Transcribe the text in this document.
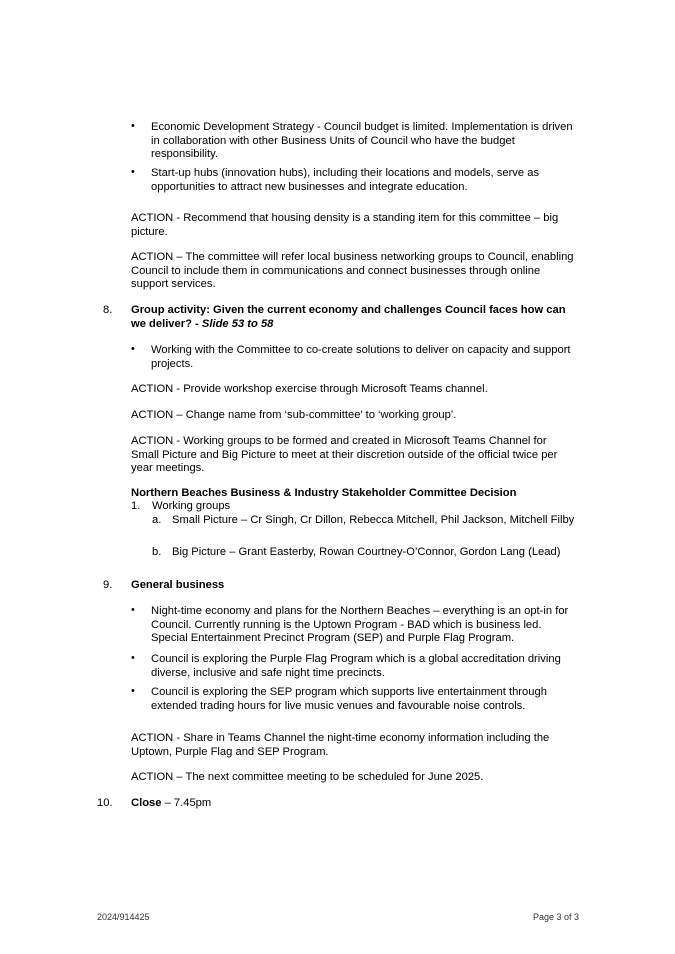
• Economic Development Strategy - Council budget is limited. Implementation is driven in collaboration with other Business Units of Council who have the budget responsibility.

• Start-up hubs (innovation hubs), including their locations and models, serve as opportunities to attract new businesses and integrate education.

ACTION - Recommend that housing density is a standing item for this committee – big picture.

ACTION – The committee will refer local business networking groups to Council, enabling Council to include them in communications and connect businesses through online support services.

8. Group activity: Given the current economy and challenges Council faces how can we deliver? - Slide 53 to 58

• Working with the Committee to co-create solutions to deliver on capacity and support projects.

ACTION - Provide workshop exercise through Microsoft Teams channel.

ACTION – Change name from ‘sub-committee’ to ‘working group’.

ACTION - Working groups to be formed and created in Microsoft Teams Channel for Small Picture and Big Picture to meet at their discretion outside of the official twice per year meetings.

Northern Beaches Business & Industry Stakeholder Committee Decision

1. Working groups

a. Small Picture – Cr Singh, Cr Dillon, Rebecca Mitchell, Phil Jackson, Mitchell Filby

b. Big Picture – Grant Easterby, Rowan Courtney-O’Connor, Gordon Lang (Lead)

9. General business

• Night-time economy and plans for the Northern Beaches – everything is an opt-in for Council. Currently running is the Uptown Program - BAD which is business led. Special Entertainment Precinct Program (SEP) and Purple Flag Program.

• Council is exploring the Purple Flag Program which is a global accreditation driving diverse, inclusive and safe night time precincts.

• Council is exploring the SEP program which supports live entertainment through extended trading hours for live music venues and favourable noise controls.

ACTION - Share in Teams Channel the night-time economy information including the Uptown, Purple Flag and SEP Program.

ACTION – The next committee meeting to be scheduled for June 2025.

10. Close – 7.45pm

2024/914425	Page 3 of 3
